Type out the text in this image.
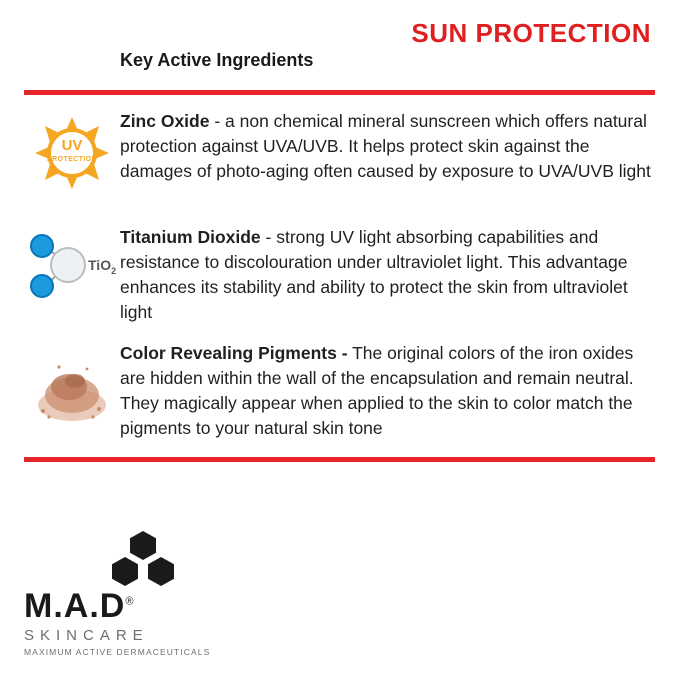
SUN PROTECTION
Key Active Ingredients
UV
PROTECTION
Zinc Oxide - a non chemical mineral sunscreen which offers natural protection against UVA/UVB. It helps protect skin against the damages of photo-aging often caused by exposure to UVA/UVB light
TiO$_2$
Titanium Dioxide - strong UV light absorbing capabilities and resistance to discolouration under ultraviolet light. This advantage enhances its stability and ability to protect the skin from ultraviolet light
Color Revealing Pigments - The original colors of the iron oxides are hidden within the wall of the encapsulation and remain neutral. They magically appear when applied to the skin to color match the pigments to your natural skin tone
M.A.D®
SKINCARE
MAXIMUM ACTIVE DERMACEUTICALS
